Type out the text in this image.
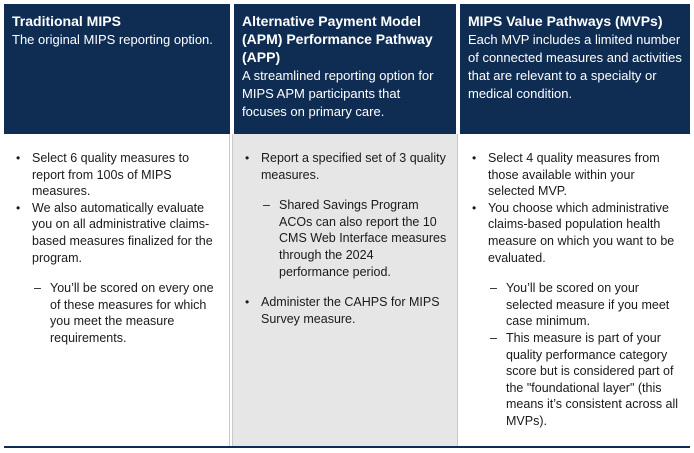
Traditional MIPS
The original MIPS reporting option.
• Select 6 quality measures to report from 100s of MIPS measures.
• We also automatically evaluate you on all administrative claims-based measures finalized for the program.

– You’ll be scored on every one of these measures for which you meet the measure requirements.

Alternative Payment Model (APM) Performance Pathway (APP)
A streamlined reporting option for MIPS APM participants that focuses on primary care.
• Report a specified set of 3 quality measures.

– Shared Savings Program ACOs can also report the 10 CMS Web Interface measures through the 2024 performance period.

• Administer the CAHPS for MIPS Survey measure.
MIPS Value Pathways (MVPs)
Each MVP includes a limited number of connected measures and activities that are relevant to a specialty or medical condition.
• Select 4 quality measures from those available within your selected MVP.
• You choose which administrative claims-based population health measure on which you want to be evaluated.

– You’ll be scored on your selected measure if you meet case minimum.

– This measure is part of your quality performance category score but is considered part of the "foundational layer" (this means it’s consistent across all MVPs).
